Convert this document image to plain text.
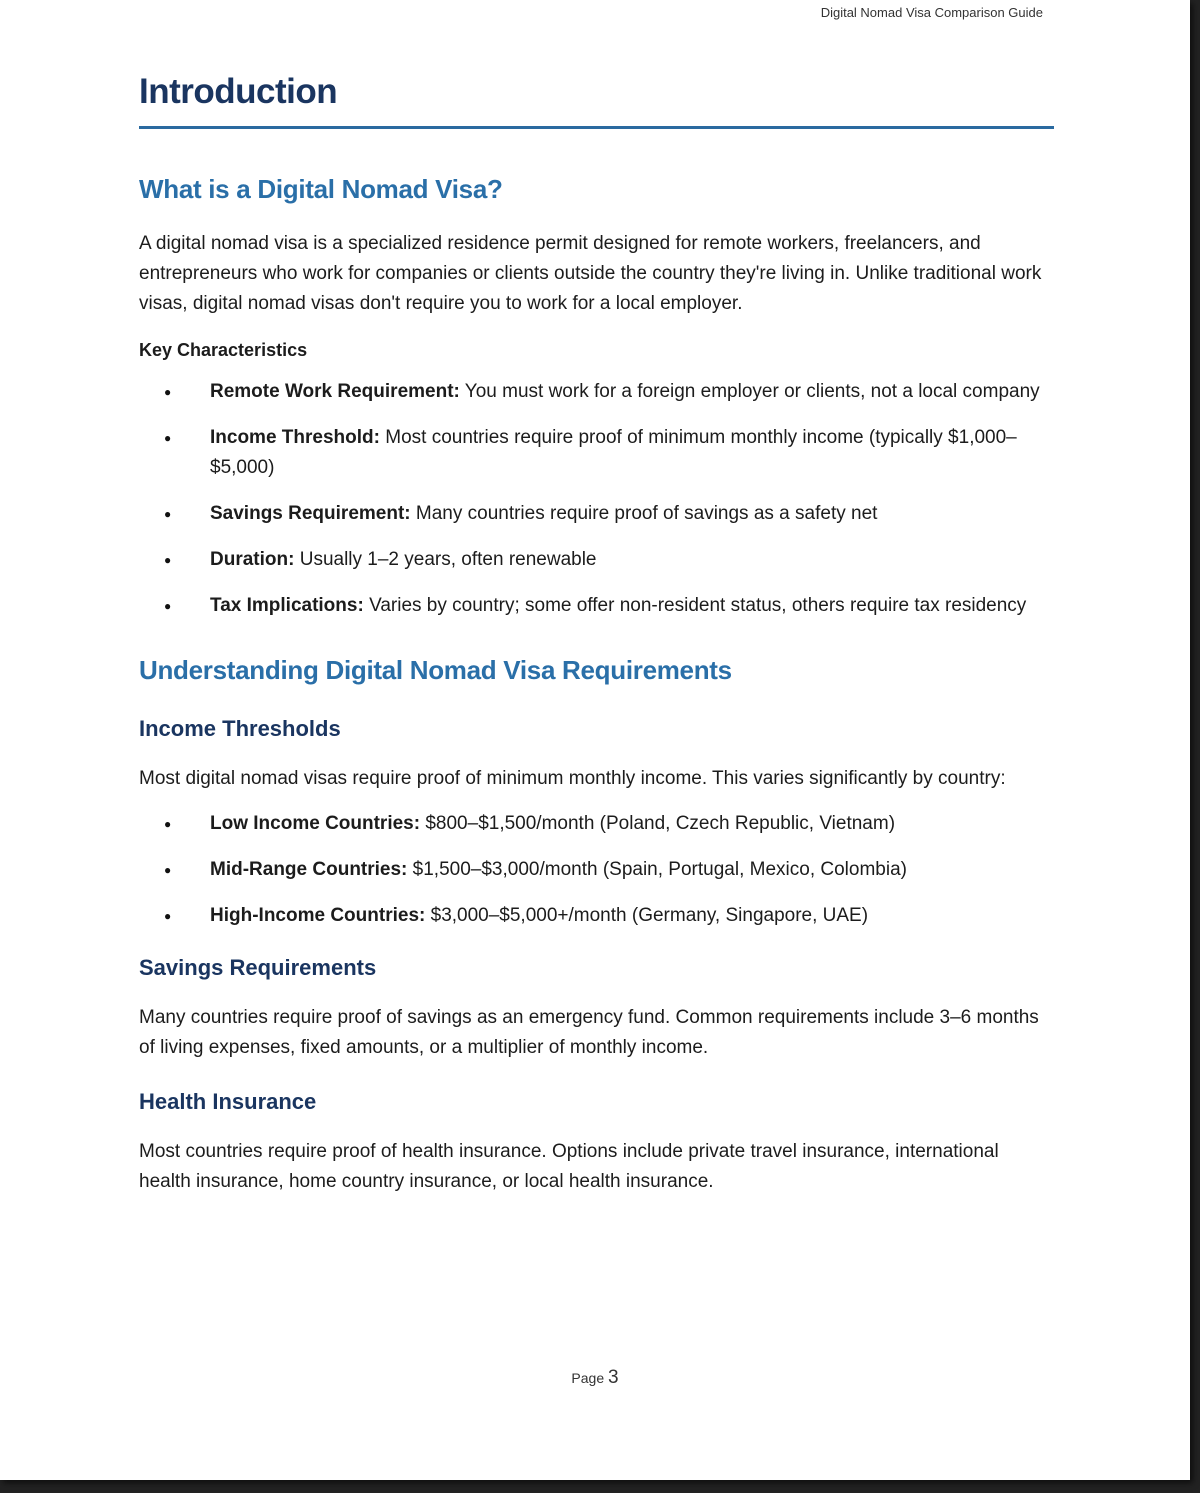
Digital Nomad Visa Comparison Guide
Introduction
What is a Digital Nomad Visa?

A digital nomad visa is a specialized residence permit designed for remote workers, freelancers, and entrepreneurs who work for companies or clients outside the country they're living in. Unlike traditional work visas, digital nomad visas don't require you to work for a local employer.

Key Characteristics
● Remote Work Requirement: You must work for a foreign employer or clients, not a local company
● Income Threshold: Most countries require proof of minimum monthly income (typically $1,000–$5,000)
● Savings Requirement: Many countries require proof of savings as a safety net
● Duration: Usually 1–2 years, often renewable
● Tax Implications: Varies by country; some offer non-resident status, others require tax residency
Understanding Digital Nomad Visa Requirements
Income Thresholds

Most digital nomad visas require proof of minimum monthly income. This varies significantly by country:

● Low Income Countries: $800–$1,500/month (Poland, Czech Republic, Vietnam)
● Mid-Range Countries: $1,500–$3,000/month (Spain, Portugal, Mexico, Colombia)
● High-Income Countries: $3,000–$5,000+/month (Germany, Singapore, UAE)
Savings Requirements

Many countries require proof of savings as an emergency fund. Common requirements include 3–6 months of living expenses, fixed amounts, or a multiplier of monthly income.

Health Insurance

Most countries require proof of health insurance. Options include private travel insurance, international health insurance, home country insurance, or local health insurance.

Page 3
